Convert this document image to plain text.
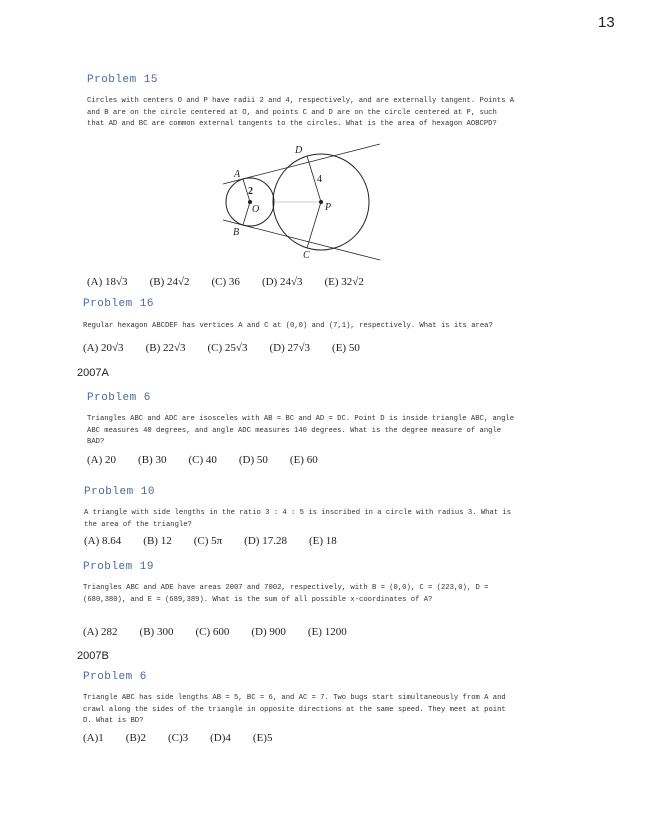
13
Problem 15
Circles with centers O and P have radii 2 and 4, respectively, and are externally tangent. Points A and B are on the circle centered at O, and points C and D are on the circle centered at P, such that AD and BC are common external tangents to the circles. What is the area of hexagon AOBCPD?
A
B
C
D
O	P
2
4
(A) 18√3 (B) 24√2 (C) 36 (D) 24√3 (E) 32√2
Problem 16
Regular hexagon ABCDEF has vertices A and C at (0,0) and (7,1), respectively. What is its area?
(A) 20√3 (B) 22√3 (C) 25√3 (D) 27√3 (E) 50
2007A
Problem 6
Triangles ABC and ADC are isosceles with AB = BC and AD = DC. Point D is inside triangle ABC, angle ABC measures 40 degrees, and angle ADC measures 140 degrees. What is the degree measure of angle BAD?
(A) 20 (B) 30 (C) 40 (D) 50 (E) 60
Problem 10
A triangle with side lengths in the ratio 3 : 4 : 5 is inscribed in a circle with radius 3. What is the area of the triangle?
(A) 8.64 (B) 12 (C) 5π (D) 17.28 (E) 18
Problem 19
Triangles ABC and ADE have areas 2007 and 7002, respectively, with B = (0,0), C = (223,0), D = (680,380), and E = (689,389). What is the sum of all possible x-coordinates of A?
(A) 282 (B) 300 (C) 600 (D) 900 (E) 1200
2007B
Problem 6
Triangle ABC has side lengths AB = 5, BC = 6, and AC = 7. Two bugs start simultaneously from A and crawl along the sides of the triangle in opposite directions at the same speed. They meet at point D. What is BD?
(A)1 (B)2 (C)3 (D)4 (E)5
